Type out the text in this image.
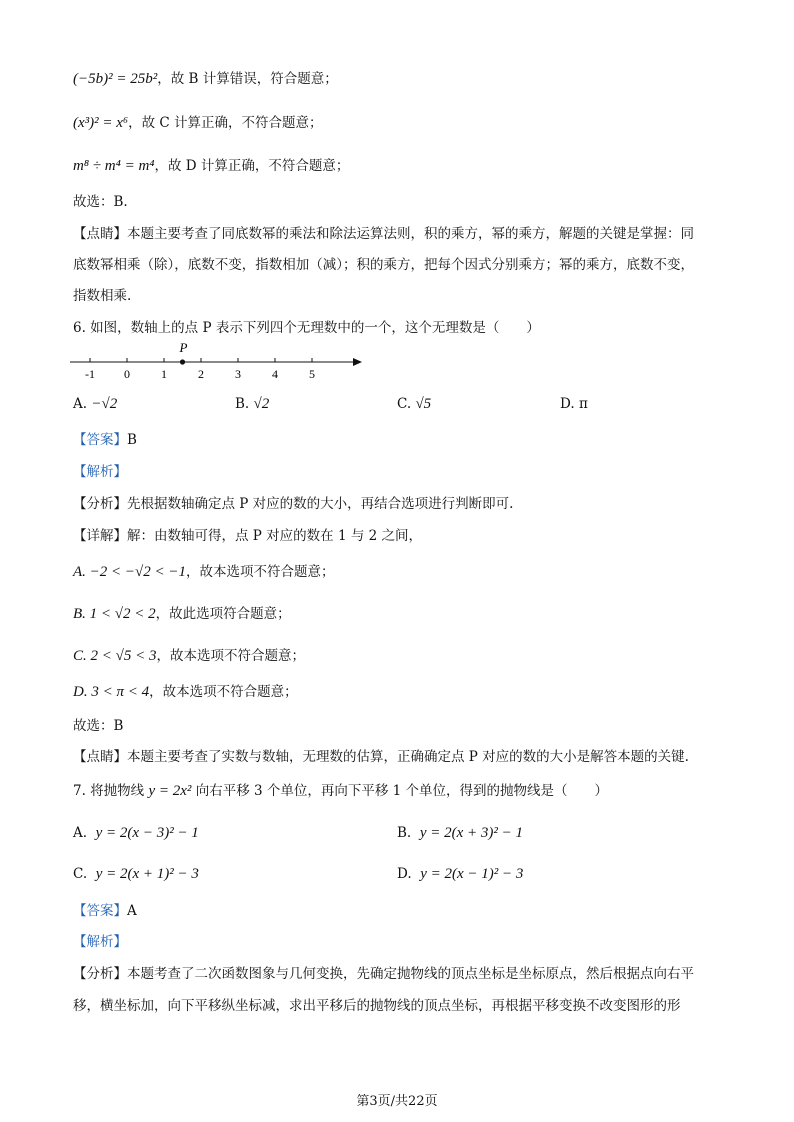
(−5b)² = 25b²，故 B 计算错误，符合题意；
(x³)² = x⁶，故 C 计算正确，不符合题意；
m⁸ ÷ m⁴ = m⁴，故 D 计算正确，不符合题意；
故选：B.
【点睛】本题主要考查了同底数幂的乘法和除法运算法则，积的乘方，幂的乘方，解题的关键是掌握：同
底数幂相乘（除），底数不变，指数相加（减）；积的乘方，把每个因式分别乘方；幂的乘方，底数不变，
指数相乘.
6. 如图，数轴上的点 P 表示下列四个无理数中的一个，这个无理数是（　　）
-1 0	1	2	3	4	5
P
A. −√2	B. √2	C. √5	D. π
【答案】B
【解析】
【分析】先根据数轴确定点 P 对应的数的大小，再结合选项进行判断即可.
【详解】解：由数轴可得，点 P 对应的数在 1 与 2 之间，
A. −2 < −√2 < −1，故本选项不符合题意；
B. 1 < √2 < 2，故此选项符合题意；
C. 2 < √5 < 3，故本选项不符合题意；
D. 3 < π < 4，故本选项不符合题意；
故选：B
【点睛】本题主要考查了实数与数轴，无理数的估算，正确确定点 P 对应的数的大小是解答本题的关键.
7. 将抛物线 y = 2x² 向右平移 3 个单位，再向下平移 1 个单位，得到的抛物线是（　　）
A. y = 2(x − 3)² − 1	B. y = 2(x + 3)² − 1
C. y = 2(x + 1)² − 3	D. y = 2(x − 1)² − 3
【答案】A
【解析】
【分析】本题考查了二次函数图象与几何变换，先确定抛物线的顶点坐标是坐标原点，然后根据点向右平
移，横坐标加，向下平移纵坐标减，求出平移后的抛物线的顶点坐标，再根据平移变换不改变图形的形
第3页/共22页
